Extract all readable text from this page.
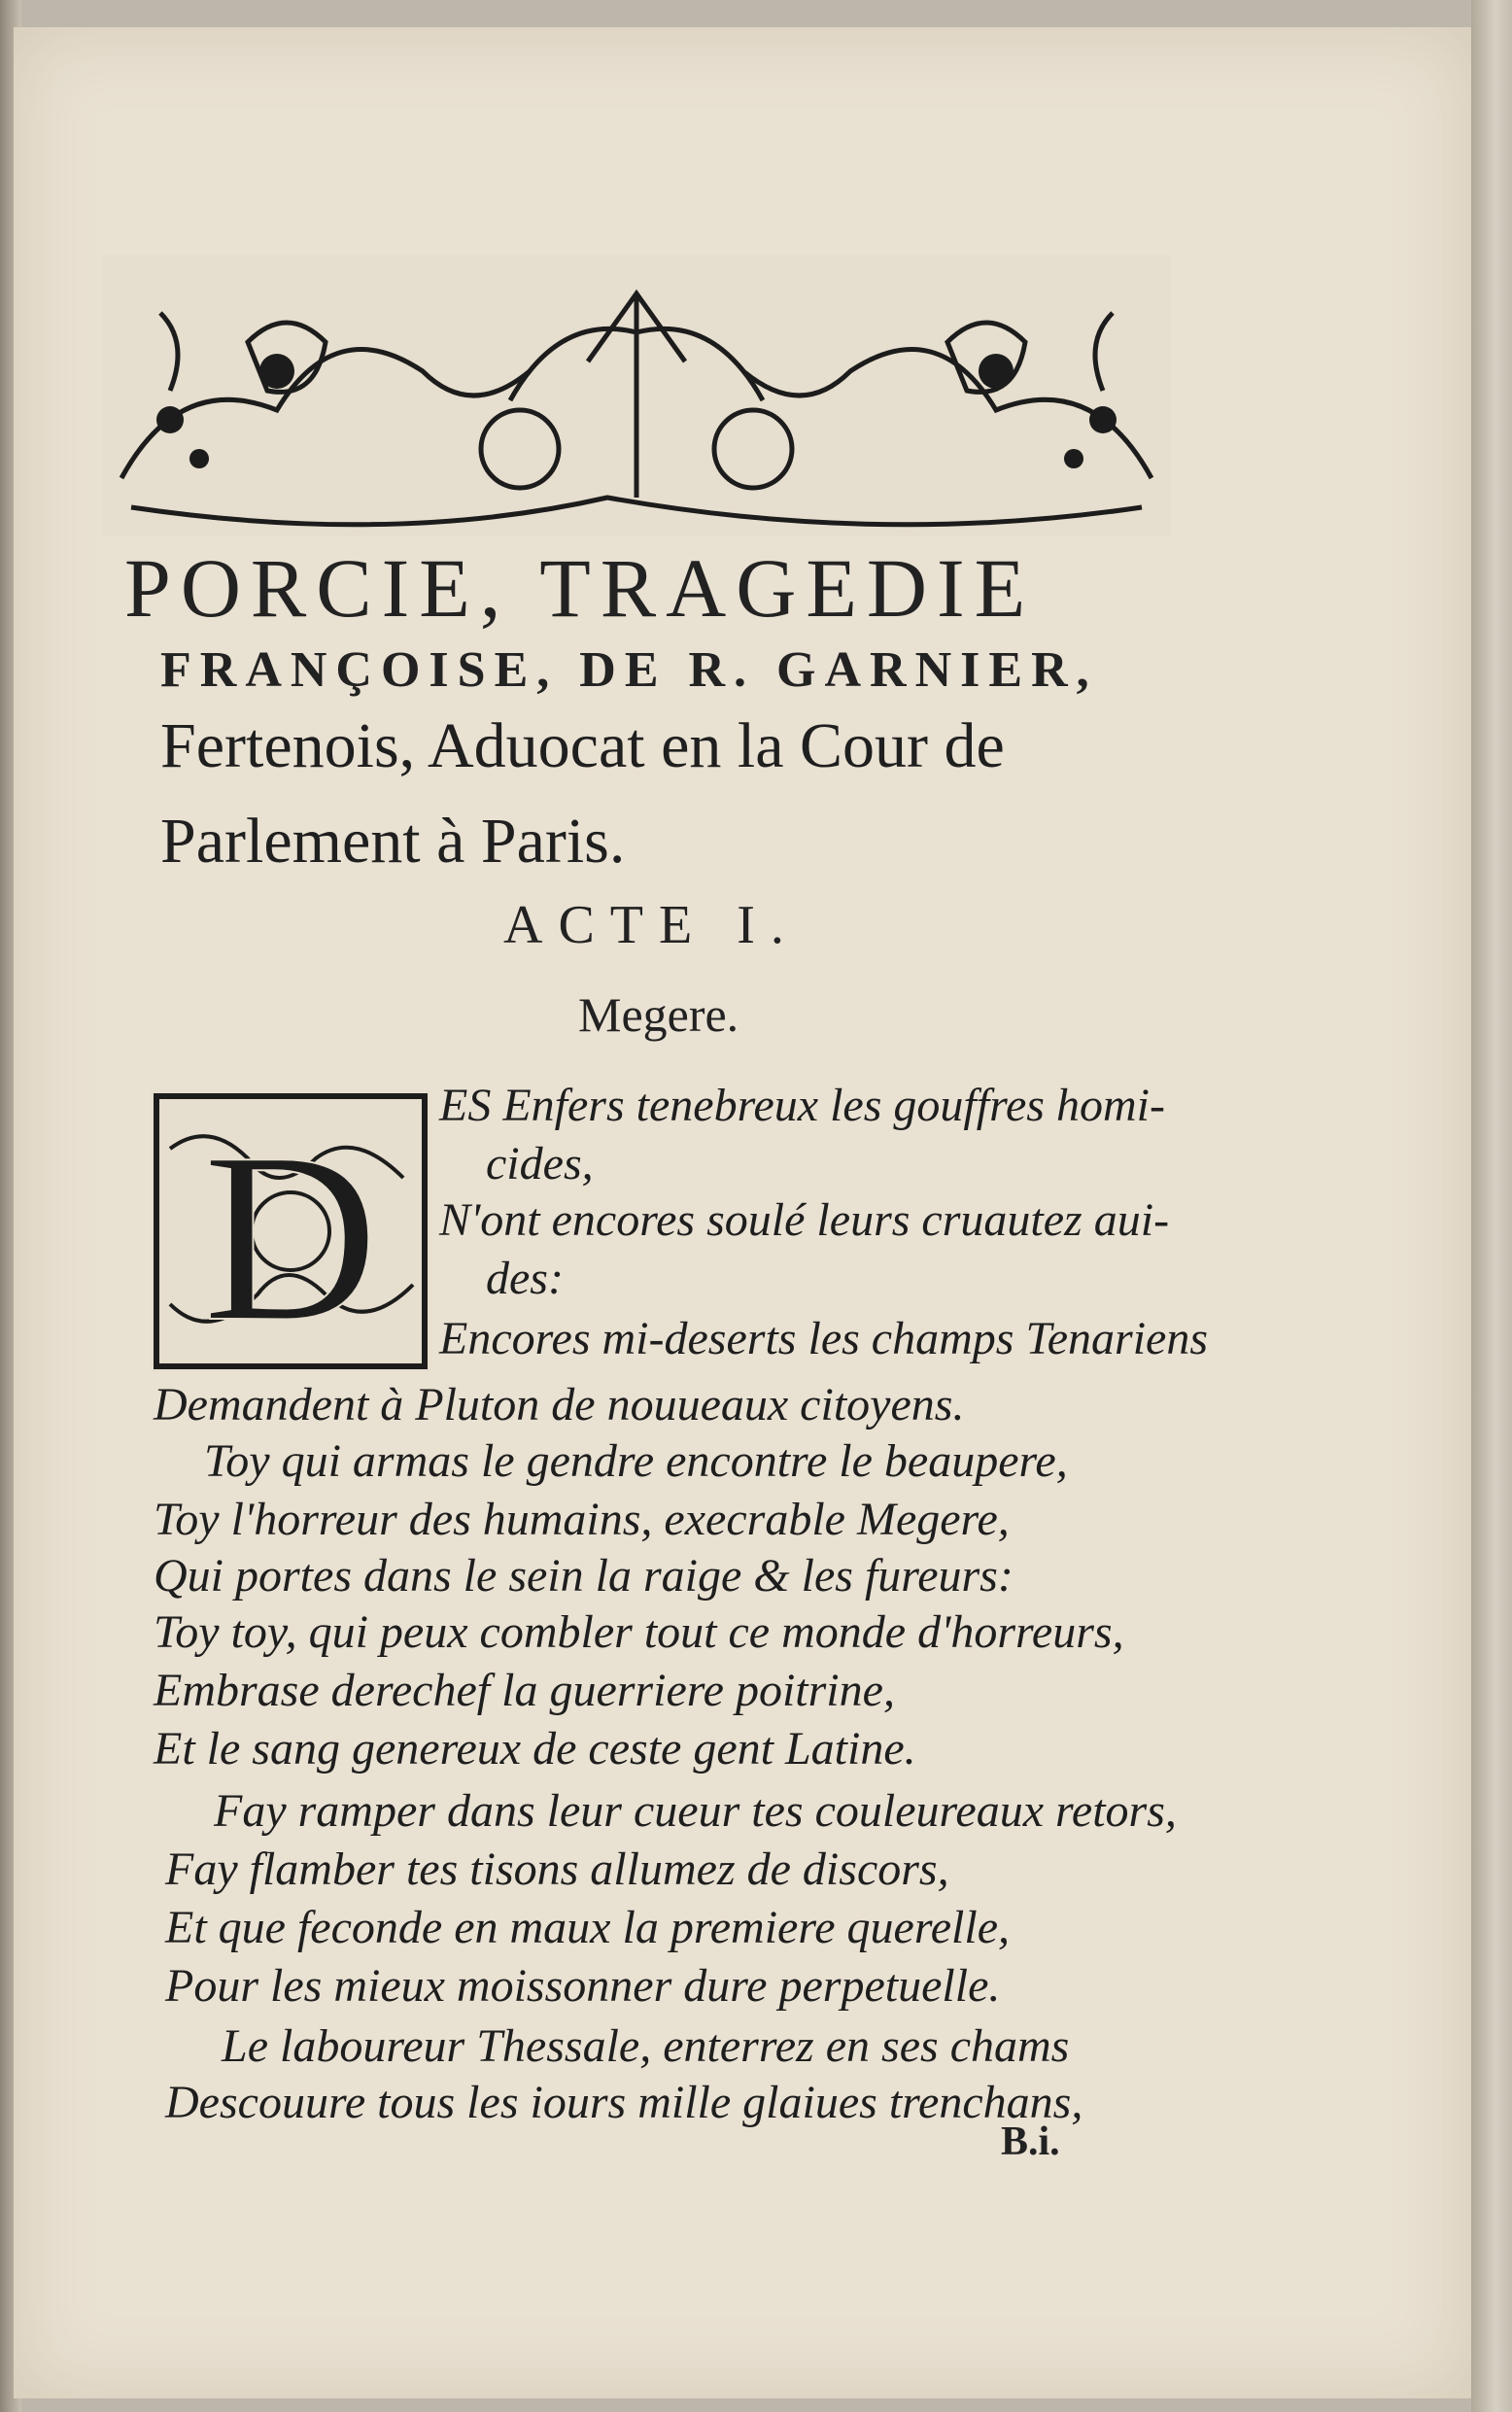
PORCIE, TRAGEDIE
FRANÇOISE, DE R. GARNIER,
Fertenois, Aduocat en la Cour de
Parlement à Paris.
ACTE I.
Megere.
D ES Enfers tenebreux les gouffres homi-
cides,
N'ont encores soulé leurs cruautez aui-
des:
Encores mi-deserts les champs Tenariens
Demandent à Pluton de nouueaux citoyens.
Toy qui armas le gendre encontre le beaupere,
Toy l'horreur des humains, execrable Megere,
Qui portes dans le sein la raige & les fureurs:
Toy toy, qui peux combler tout ce monde d'horreurs,
Embrase derechef la guerriere poitrine,
Et le sang genereux de ceste gent Latine.
Fay ramper dans leur cueur tes couleureaux retors,
Fay flamber tes tisons allumez de discors,
Et que feconde en maux la premiere querelle,
Pour les mieux moissonner dure perpetuelle.
Le laboureur Thessale, enterrez en ses chams
Descouure tous les iours mille glaiues trenchans,
B.i.
